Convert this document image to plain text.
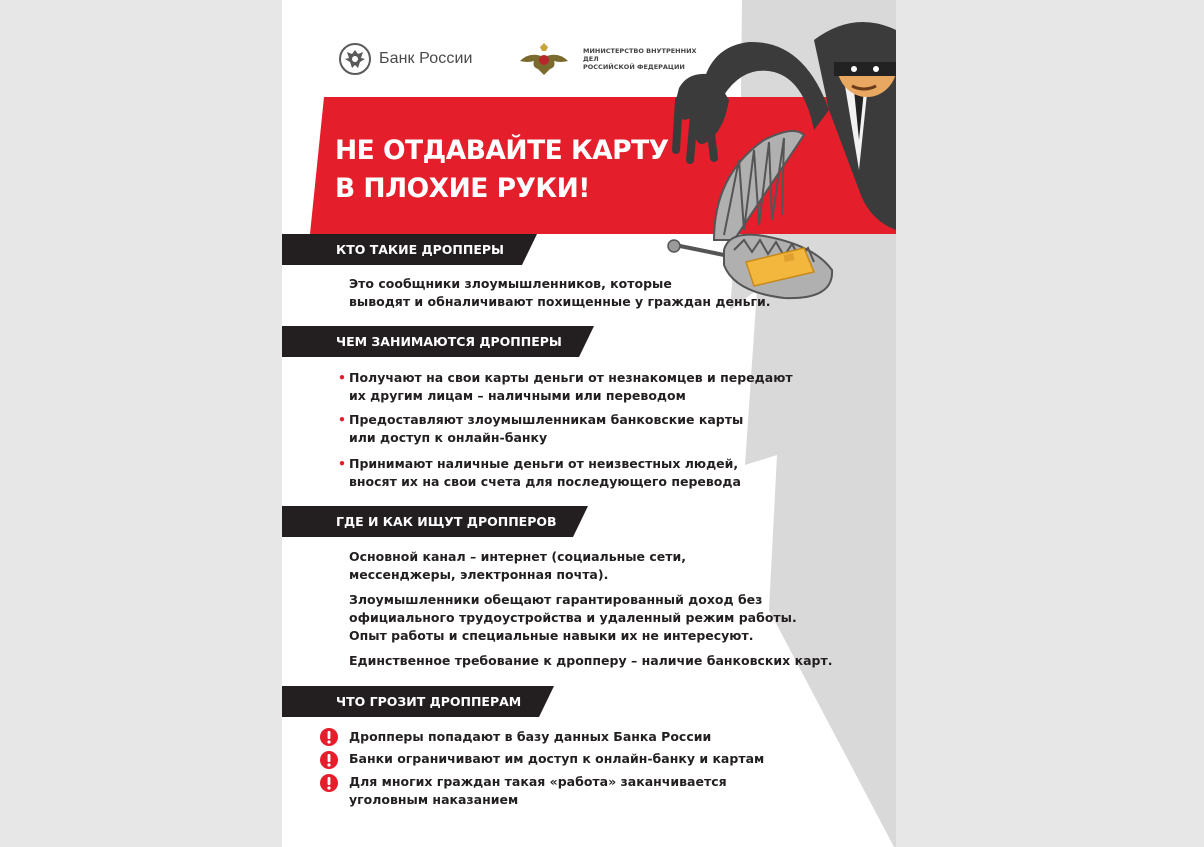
Банк России	МИНИСТЕРСТВО ВНУТРЕННИХ ДЕЛ
РОССИЙСКОЙ ФЕДЕРАЦИИ
НЕ ОТДАВАЙТЕ КАРТУ
В ПЛОХИЕ РУКИ!
КТО ТАКИЕ ДРОППЕРЫ

Это сообщники злоумышленников, которые

выводят и обналичивают похищенные у граждан деньги.

ЧЕМ ЗАНИМАЮТСЯ ДРОППЕРЫ

• Получают на свои карты деньги от незнакомцев и передают
их другим лицам – наличными или переводом

• Предоставляют злоумышленникам банковские карты
или доступ к онлайн-банку

• Принимают наличные деньги от неизвестных людей,
вносят их на свои счета для последующего перевода

ГДЕ И КАК ИЩУТ ДРОППЕРОВ

Основной канал – интернет (социальные сети,
мессенджеры, электронная почта).

Злоумышленники обещают гарантированный доход без
официального трудоустройства и удаленный режим работы.
Опыт работы и специальные навыки их не интересуют.

Единственное требование к дропперу – наличие банковских карт.

ЧТО ГРОЗИТ ДРОППЕРАМ

Дропперы попадают в базу данных Банка России

Банки ограничивают им доступ к онлайн-банку и картам

Для многих граждан такая «работа» заканчивается
уголовным наказанием
